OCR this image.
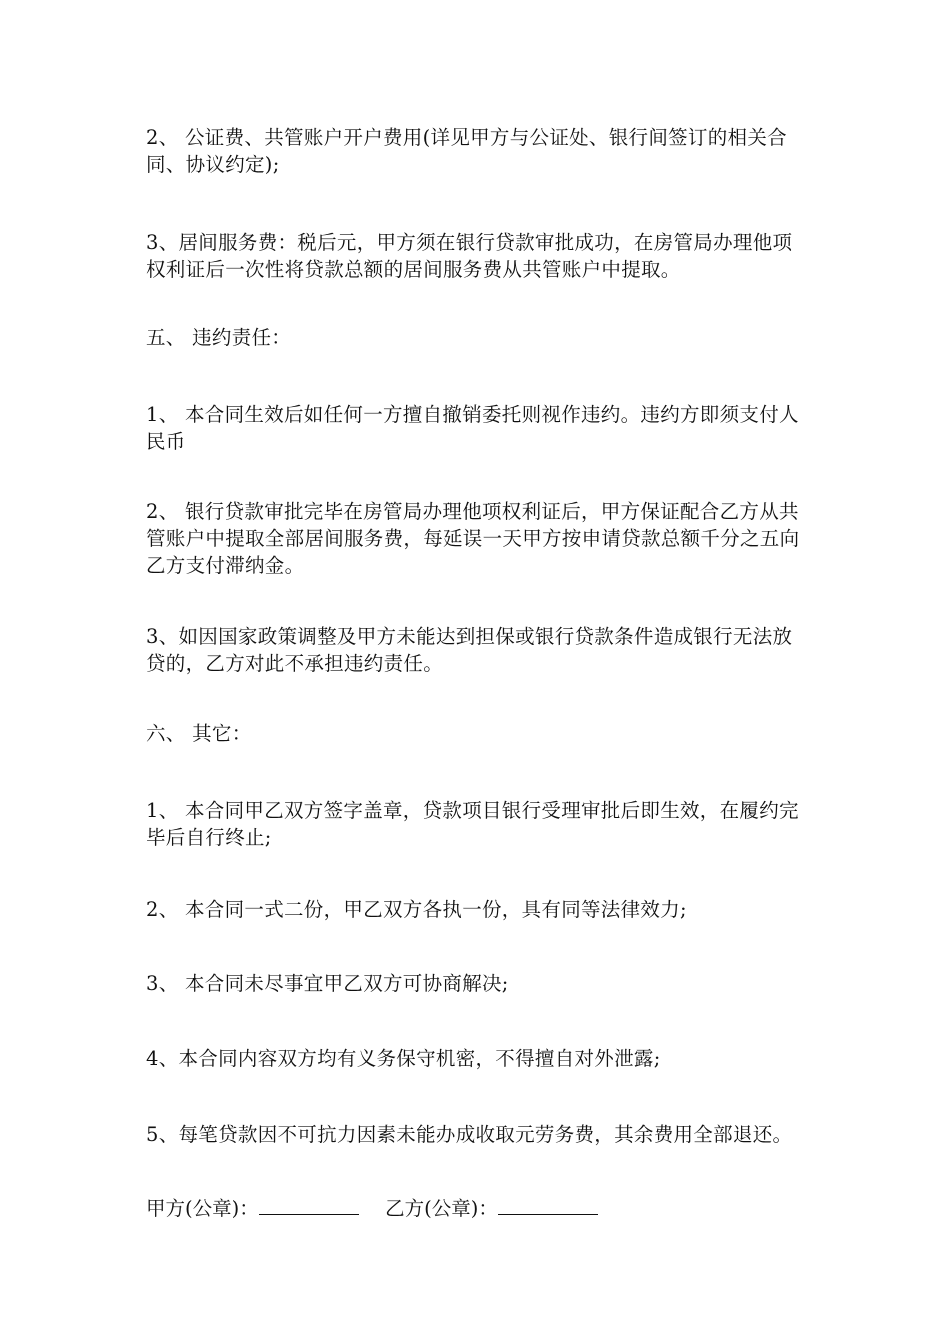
2、 公证费、共管账户开户费用(详见甲方与公证处、银行间签订的相关合同、协议约定);
3、居间服务费：税后元，甲方须在银行贷款审批成功，在房管局办理他项权利证后一次性将贷款总额的居间服务费从共管账户中提取。
五、 违约责任：
1、 本合同生效后如任何一方擅自撤销委托则视作违约。违约方即须支付人民币
2、 银行贷款审批完毕在房管局办理他项权利证后，甲方保证配合乙方从共管账户中提取全部居间服务费，每延误一天甲方按申请贷款总额千分之五向乙方支付滞纳金。
3、如因国家政策调整及甲方未能达到担保或银行贷款条件造成银行无法放贷的，乙方对此不承担违约责任。
六、 其它：
1、 本合同甲乙双方签字盖章，贷款项目银行受理审批后即生效，在履约完毕后自行终止;
2、 本合同一式二份，甲乙双方各执一份，具有同等法律效力;
3、 本合同未尽事宜甲乙双方可协商解决;
4、本合同内容双方均有义务保守机密，不得擅自对外泄露;
5、每笔贷款因不可抗力因素未能办成收取元劳务费，其余费用全部退还。
甲方(公章)：	乙方(公章)：
